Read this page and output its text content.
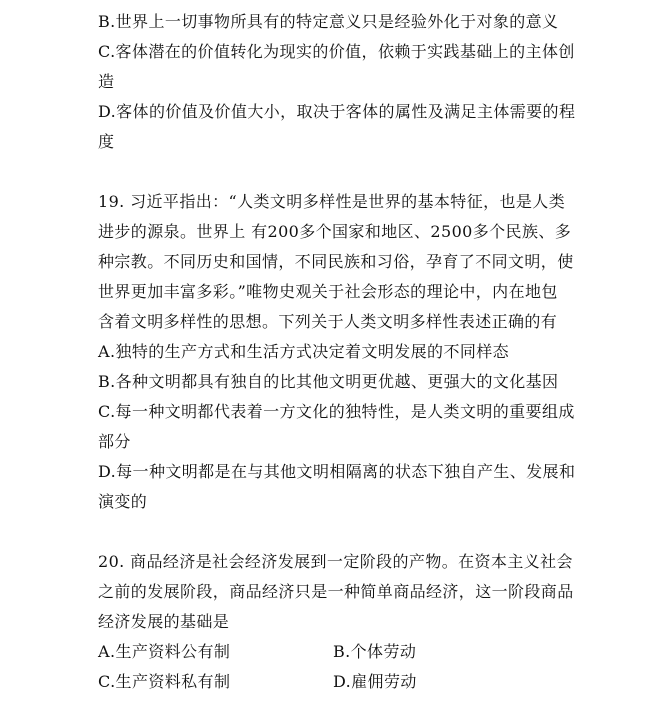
B.世界上一切事物所具有的特定意义只是经验外化于对象的意义
C.客体潜在的价值转化为现实的价值，依赖于实践基础上的主体创
造
D.客体的价值及价值大小，取决于客体的属性及满足主体需要的程
度
19. 习近平指出：“人类文明多样性是世界的基本特征，也是人类
进步的源泉。世界上 有200多个国家和地区、2500多个民族、多
种宗教。不同历史和国情，不同民族和习俗，孕育了不同文明，使
世界更加丰富多彩。”唯物史观关于社会形态的理论中，内在地包
含着文明多样性的思想。下列关于人类文明多样性表述正确的有
A.独特的生产方式和生活方式决定着文明发展的不同样态
B.各种文明都具有独自的比其他文明更优越、更强大的文化基因
C.每一种文明都代表着一方文化的独特性，是人类文明的重要组成
部分
D.每一种文明都是在与其他文明相隔离的状态下独自产生、发展和
演变的
20. 商品经济是社会经济发展到一定阶段的产物。在资本主义社会
之前的发展阶段，商品经济只是一种简单商品经济，这一阶段商品
经济发展的基础是
A.生产资料公有制	B.个体劳动
C.生产资料私有制	D.雇佣劳动
